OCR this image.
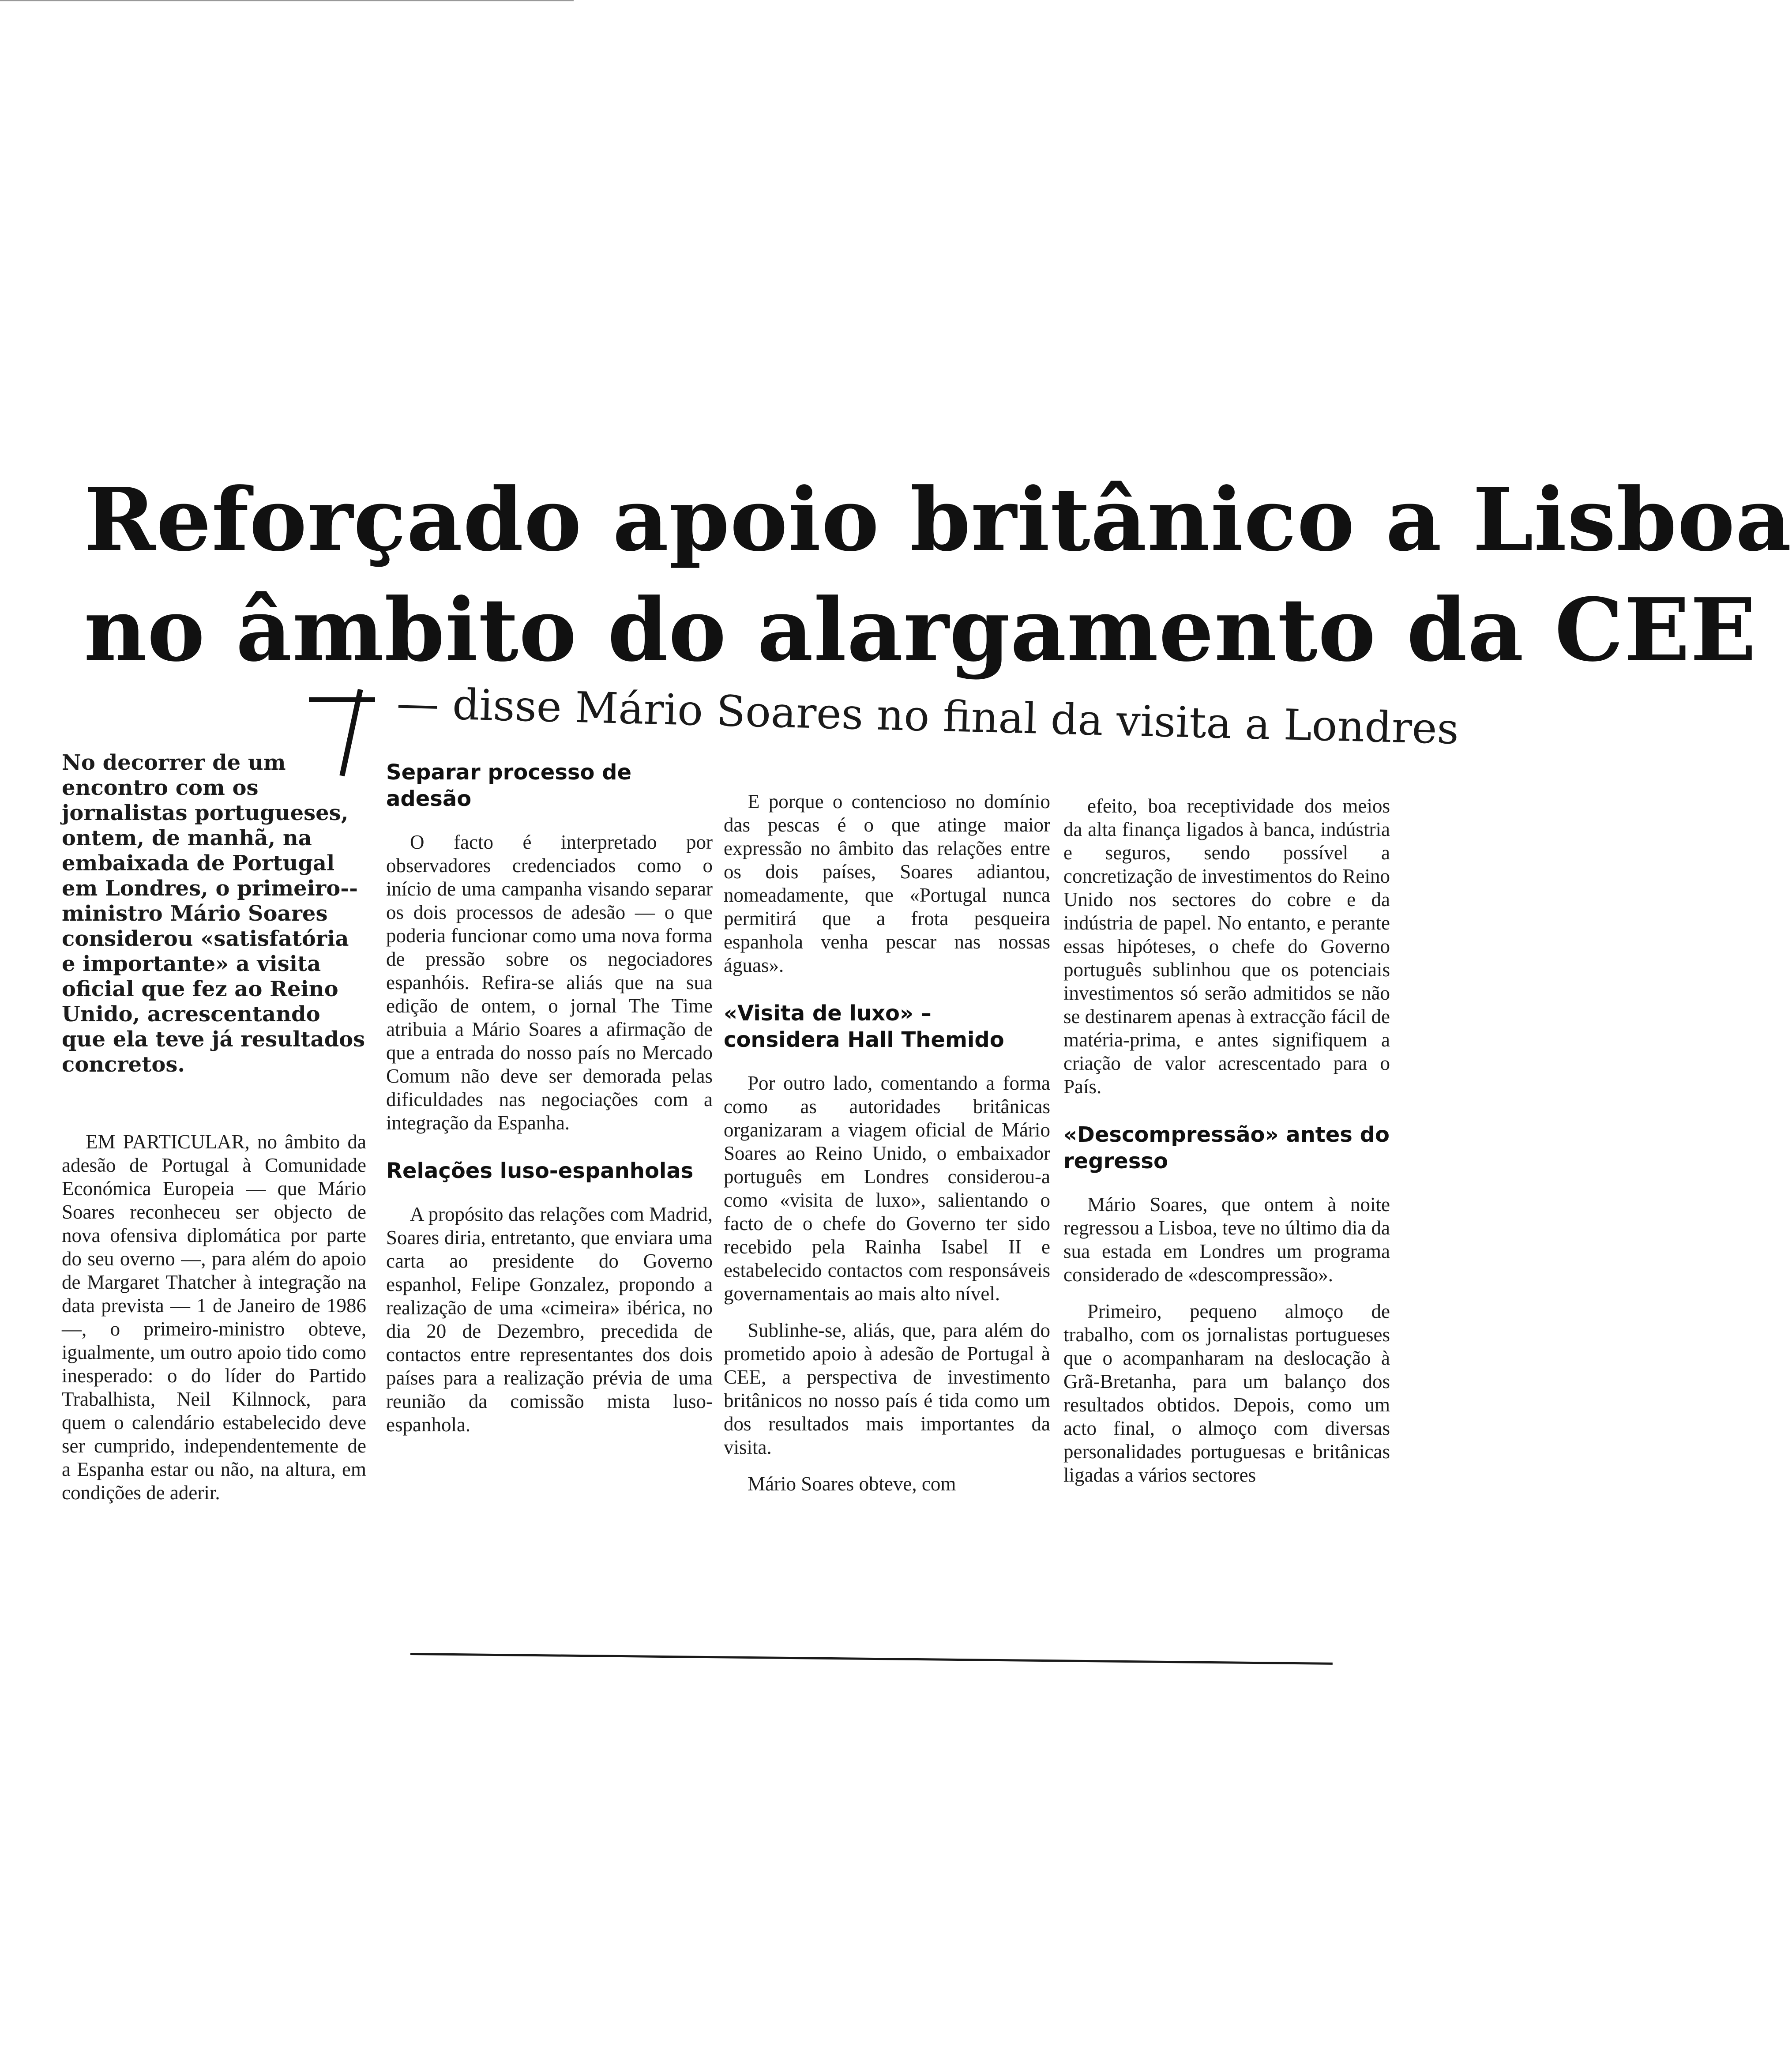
Reforçado apoio britânico a Lisboa
no âmbito do alargamento da CEE
— disse Mário Soares no final da visita a Londres

No decorrer de um encontro com os jornalistas portugueses, ontem, de manhã, na embaixada de Portugal em Londres, o primeiro--ministro Mário Soares considerou «satisfatória e importante» a visita oficial que fez ao Reino Unido, acrescentando que ela teve já resultados concretos.

EM PARTICULAR, no âmbito da adesão de Portugal à Comunidade Económica Europeia — que Mário Soares reconheceu ser objecto de nova ofensiva diplomática por parte do seu overno —, para além do apoio de Margaret Thatcher à integração na data prevista — 1 de Janeiro de 1986 —, o primeiro-ministro obteve, igualmente, um outro apoio tido como inesperado: o do líder do Partido Trabalhista, Neil Kilnnock, para quem o calendário estabelecido deve ser cumprido, independentemente de a Espanha estar ou não, na altura, em condições de aderir.

Separar processo de adesão

O facto é interpretado por observadores credenciados como o início de uma campanha visando separar os dois processos de adesão — o que poderia funcionar como uma nova forma de pressão sobre os negociadores espanhóis. Refira-se aliás que na sua edição de ontem, o jornal The Time atribuia a Mário Soares a afirmação de que a entrada do nosso país no Mercado Comum não deve ser demorada pelas dificuldades nas negociações com a integração da Espanha.

Relações luso-espanholas

A propósito das relações com Madrid, Soares diria, entretanto, que enviara uma carta ao presidente do Governo espanhol, Felipe Gonzalez, propondo a realização de uma «cimeira» ibérica, no dia 20 de Dezembro, precedida de contactos entre representantes dos dois países para a realização prévia de uma reunião da comissão mista luso-espanhola.

E porque o contencioso no domínio das pescas é o que atinge maior expressão no âmbito das relações entre os dois países, Soares adiantou, nomeadamente, que «Portugal nunca permitirá que a frota pesqueira espanhola venha pescar nas nossas águas».

«Visita de luxo» – considera Hall Themido

Por outro lado, comentando a forma como as autoridades britânicas organizaram a viagem oficial de Mário Soares ao Reino Unido, o embaixador português em Londres considerou-a como «visita de luxo», salientando o facto de o chefe do Governo ter sido recebido pela Rainha Isabel II e estabelecido contactos com responsáveis governamentais ao mais alto nível.

Sublinhe-se, aliás, que, para além do prometido apoio à adesão de Portugal à CEE, a perspectiva de investimento britânicos no nosso país é tida como um dos resultados mais importantes da visita.

Mário Soares obteve, com

efeito, boa receptividade dos meios da alta finança ligados à banca, indústria e seguros, sendo possível a concretização de investimentos do Reino Unido nos sectores do cobre e da indústria de papel. No entanto, e perante essas hipóteses, o chefe do Governo português sublinhou que os potenciais investimentos só serão admitidos se não se destinarem apenas à extracção fácil de matéria-prima, e antes signifiquem a criação de valor acrescentado para o País.

«Descompressão» antes do regresso

Mário Soares, que ontem à noite regressou a Lisboa, teve no último dia da sua estada em Londres um programa considerado de «descompressão».

Primeiro, pequeno almoço de trabalho, com os jornalistas portugueses que o acompanharam na deslocação à Grã-Bretanha, para um balanço dos resultados obtidos. Depois, como um acto final, o almoço com diversas personalidades portuguesas e britânicas ligadas a vários sectores
